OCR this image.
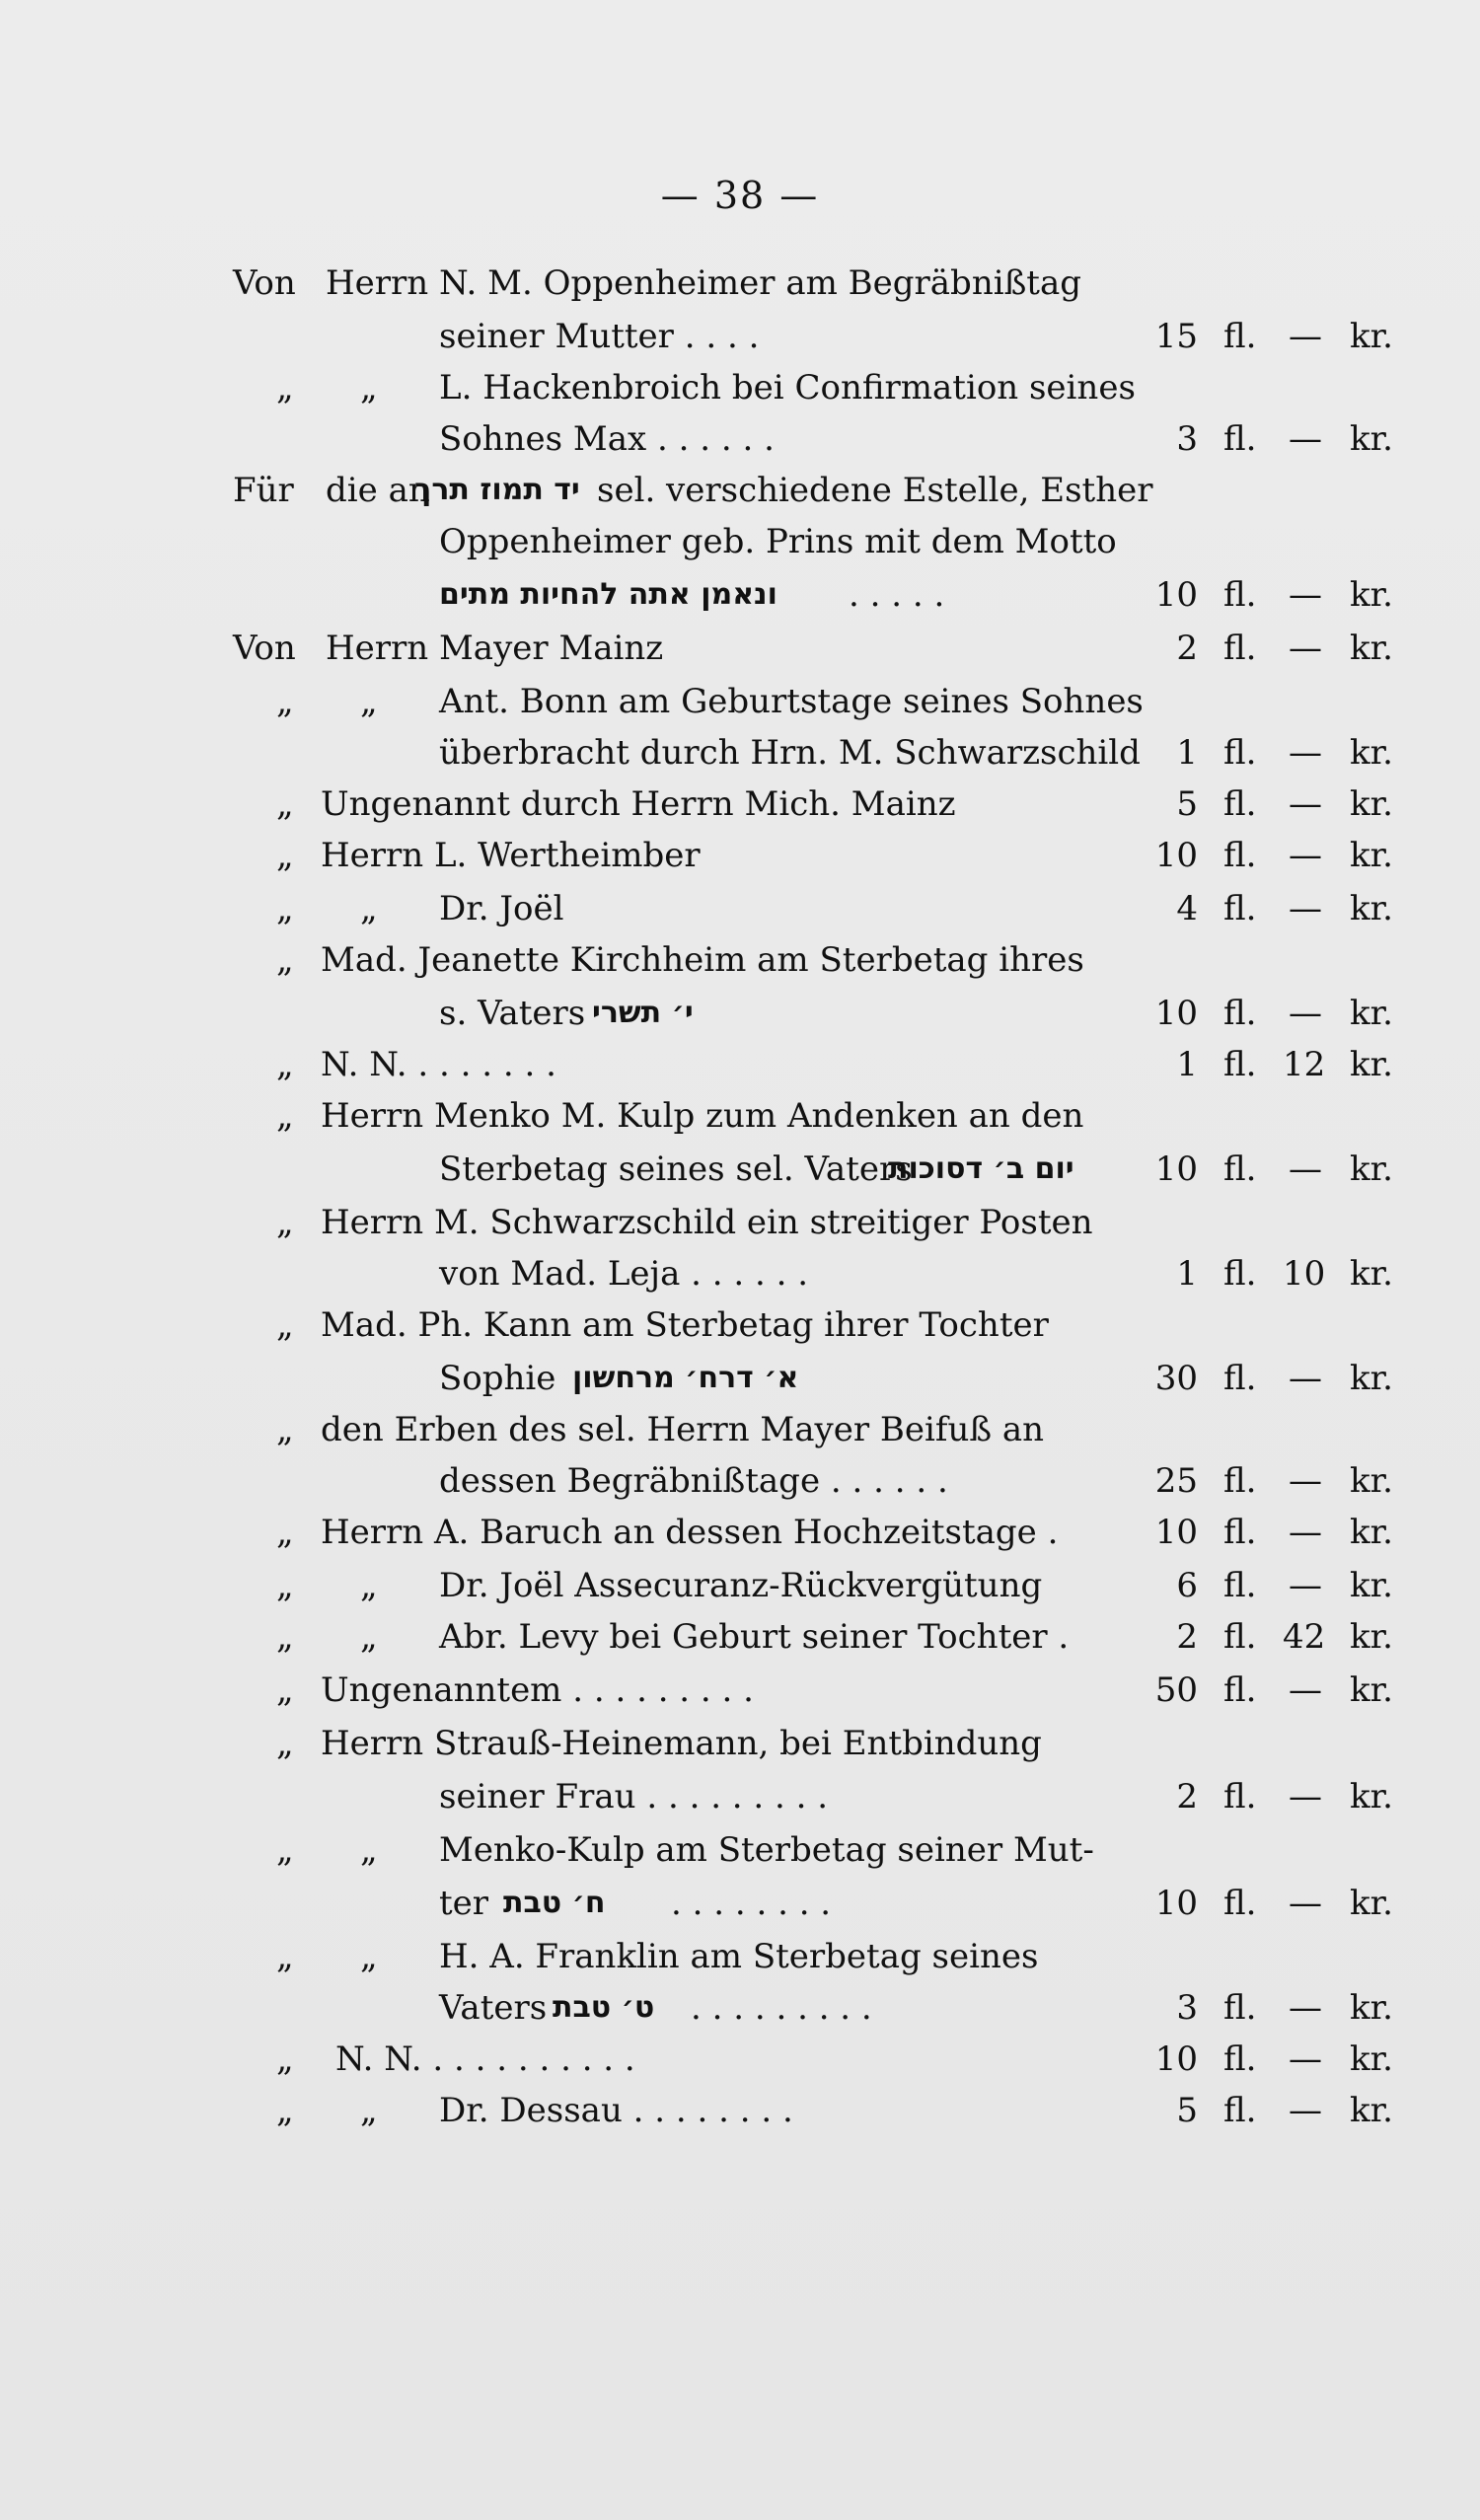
— 38 —
Von Herrn N. M. Oppenheimer am Begräbnißtag
seiner Mutter . . . .	15 fl. — kr.
„ „ L. Hackenbroich bei Confirmation seines
Sohnes Max . . . . . .	3 fl. — kr.
Für die an
יד תמוז תרך sel. verschiedene Estelle, Esther
Oppenheimer geb. Prins mit dem Motto
ונאמן אתה להחיות מתים . . . . .	10 fl. — kr.
Von Herrn Mayer Mainz	2 fl. — kr.
„ „ Ant. Bonn am Geburtstage seines Sohnes
überbracht durch Hrn. M. Schwarzschild	1 fl. — kr.
„ Ungenannt durch Herrn Mich. Mainz	5 fl. — kr.
„ Herrn L. Wertheimber	10 fl. — kr.
„ „ Dr. Joël	4 fl. — kr.
„ Mad. Jeanette Kirchheim am Sterbetag ihres
s. Vaters י׳ תשרי	10 fl. — kr.
„ N. N. . . . . . . .	1 fl. 12 kr.
„ Herrn Menko M. Kulp zum Andenken an den
Sterbetag seines sel. Vaters
יום ב׳ דסוכות	10 fl. — kr.
„ Herrn M. Schwarzschild ein streitiger Posten
von Mad. Leja . . . . . .	1 fl. 10 kr.
„ Mad. Ph. Kann am Sterbetag ihrer Tochter
Sophie א׳ דרח׳ מרחשון	30 fl. — kr.
„ den Erben des sel. Herrn Mayer Beifuß an
dessen Begräbnißtage . . . . . .	25 fl. — kr.
„ Herrn A. Baruch an dessen Hochzeitstage .	10 fl. — kr.
„ „ Dr. Joël Assecuranz-Rückvergütung	6 fl. — kr.
„ „ Abr. Levy bei Geburt seiner Tochter .	2 fl. 42 kr.
„ Ungenanntem . . . . . . . . .	50 fl. — kr.
„ Herrn Strauß-Heinemann, bei Entbindung
seiner Frau . . . . . . . . .	2 fl. — kr.
„ „ Menko-Kulp am Sterbetag seiner Mut-
ter ח׳ טבת . . . . . . . .	10 fl. — kr.
„ „ H. A. Franklin am Sterbetag seines
Vaters ט׳ טבת . . . . . . . . .	3 fl. — kr.
„ N. N. . . . . . . . . . .	10 fl. — kr.
„ „ Dr. Dessau . . . . . . . .	5 fl. — kr.
